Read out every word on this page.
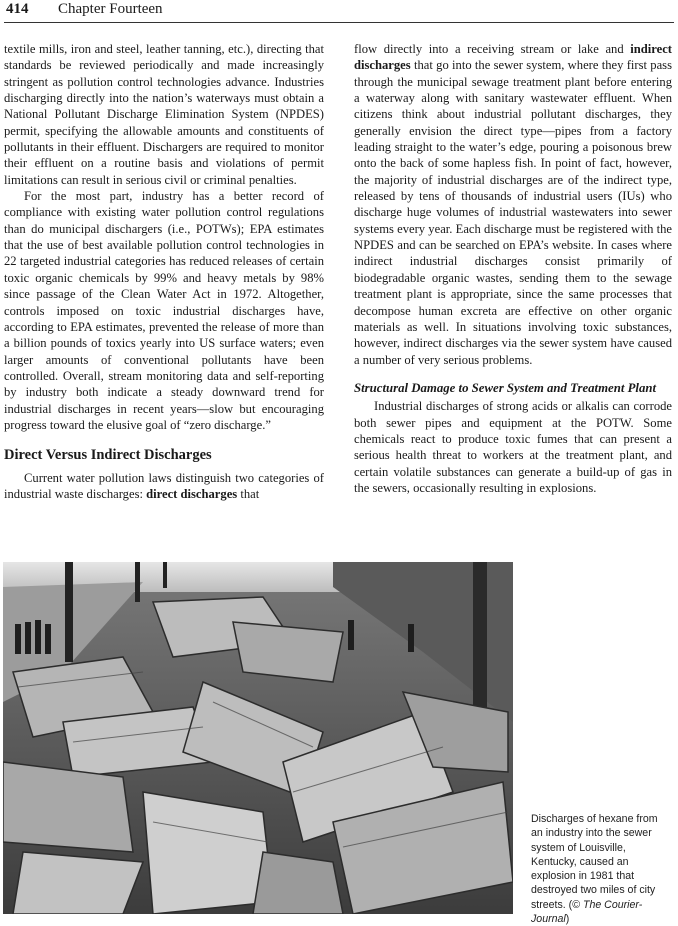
414 Chapter Fourteen

textile mills, iron and steel, leather tanning, etc.), directing that standards be reviewed periodically and made increasingly stringent as pollution control technologies advance. Industries discharging directly into the nation’s waterways must obtain a National Pollutant Discharge Elimination System (NPDES) permit, specifying the allowable amounts and constituents of pollutants in their effluent. Dischargers are required to monitor their effluent on a routine basis and violations of permit limitations can result in serious civil or criminal penalties.

For the most part, industry has a better record of compliance with existing water pollution control regulations than do municipal dischargers (i.e., POTWs); EPA estimates that the use of best available pollution control technologies in 22 targeted industrial categories has reduced releases of certain toxic organic chemicals by 99% and heavy metals by 98% since passage of the Clean Water Act in 1972. Altogether, controls imposed on toxic industrial discharges have, according to EPA estimates, prevented the release of more than a billion pounds of toxics yearly into US surface waters; even larger amounts of conventional pollutants have been controlled. Overall, stream monitoring data and self-reporting by industry both indicate a steady downward trend for industrial discharges in recent years—slow but encouraging progress toward the elusive goal of “zero discharge.”

Direct Versus Indirect Discharges

Current water pollution laws distinguish two categories of industrial waste discharges: direct discharges that

flow directly into a receiving stream or lake and indirect discharges that go into the sewer system, where they first pass through the municipal sewage treatment plant before entering a waterway along with sanitary wastewater effluent. When citizens think about industrial pollutant discharges, they generally envision the direct type—pipes from a factory leading straight to the water’s edge, pouring a poisonous brew onto the back of some hapless fish. In point of fact, however, the majority of industrial discharges are of the indirect type, released by tens of thousands of industrial users (IUs) who discharge huge volumes of industrial wastewaters into sewer systems every year. Each discharge must be registered with the NPDES and can be searched on EPA’s website. In cases where indirect industrial discharges consist primarily of biodegradable organic wastes, sending them to the sewage treatment plant is appropriate, since the same processes that decompose human excreta are effective on other organic materials as well. In situations involving toxic substances, however, indirect discharges via the sewer system have caused a number of very serious problems.

Structural Damage to Sewer System and Treatment Plant

Industrial discharges of strong acids or alkalis can corrode both sewer pipes and equipment at the POTW. Some chemicals react to produce toxic fumes that can present a serious health threat to workers at the treatment plant, and certain volatile substances can generate a build-up of gas in the sewers, occasionally resulting in explosions.

Discharges of hexane from an industry into the sewer system of Louisville, Kentucky, caused an explosion in 1981 that destroyed two miles of city streets. (© The Courier-Journal)
